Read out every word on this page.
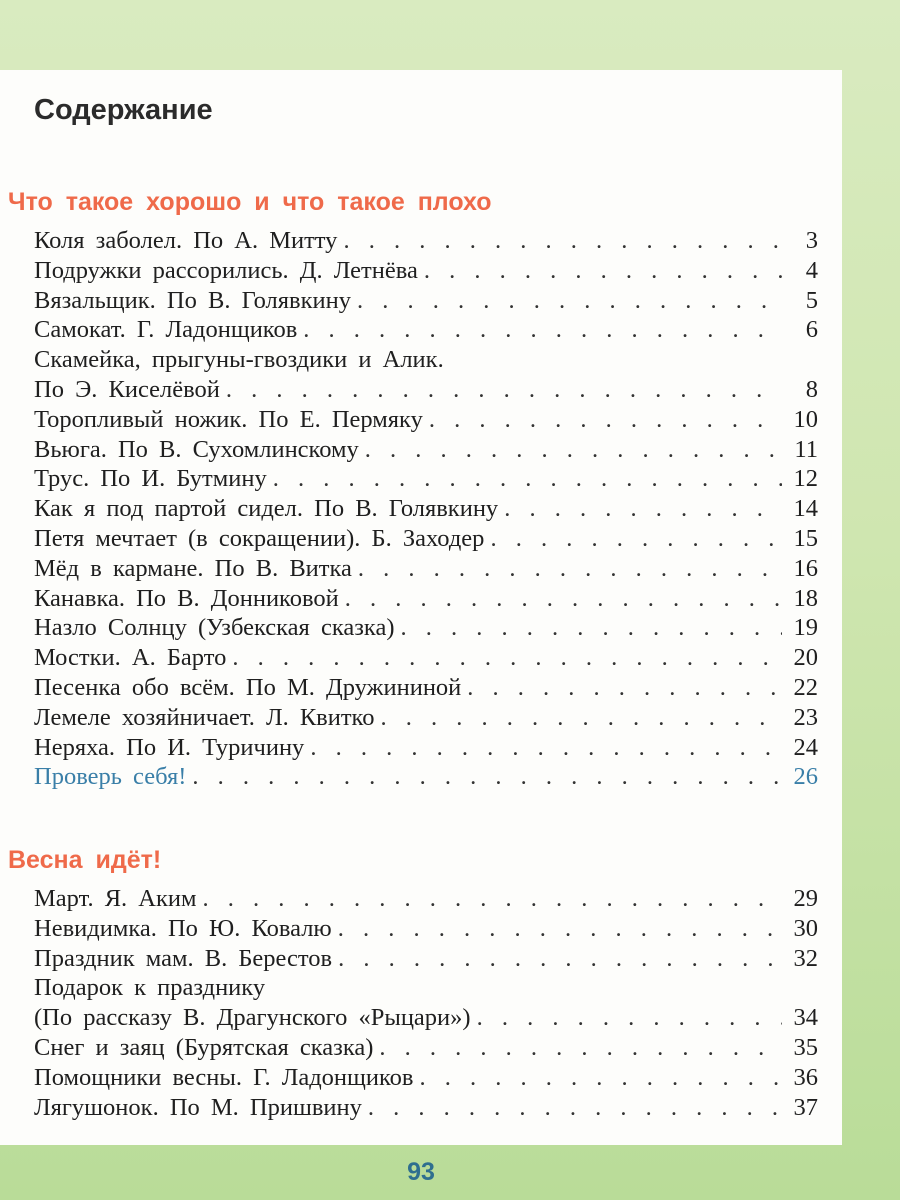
Содержание
Что такое хорошо и что такое плохо
Коля заболел. По А. Митту . . .	3
Подружки рассорились. Д. Летнёва . . .	4
Вязальщик. По В. Голявкину . . .	5
Самокат. Г. Ладонщиков . . .	6
Скамейка, прыгуны-гвоздики и Алик.
По Э. Киселёвой . . .	8
Торопливый ножик. По Е. Пермяку . . .	10
Вьюга. По В. Сухомлинскому . . .	11
Трус. По И. Бутмину . . .	12
Как я под партой сидел. По В. Голявкину . . .	14
Петя мечтает (в сокращении). Б. Заходер . . .	15
Мёд в кармане. По В. Витка . . .	16
Канавка. По В. Донниковой . . .	18
Назло Солнцу (Узбекская сказка) . . .	19
Мостки. А. Барто . . .	20
Песенка обо всём. По М. Дружининой . . .	22
Лемеле хозяйничает. Л. Квитко . . .	23
Неряха. По И. Туричину . . .	24
Проверь себя! . . .	26
Весна идёт!
Март. Я. Аким . . .	29
Невидимка. По Ю. Ковалю . . .	30
Праздник мам. В. Берестов . . .	32
Подарок к празднику
(По рассказу В. Драгунского «Рыцари») . . .	34
Снег и заяц (Бурятская сказка) . . .	35
Помощники весны. Г. Ладонщиков . . .	36
Лягушонок. По М. Пришвину . . .	37
93
